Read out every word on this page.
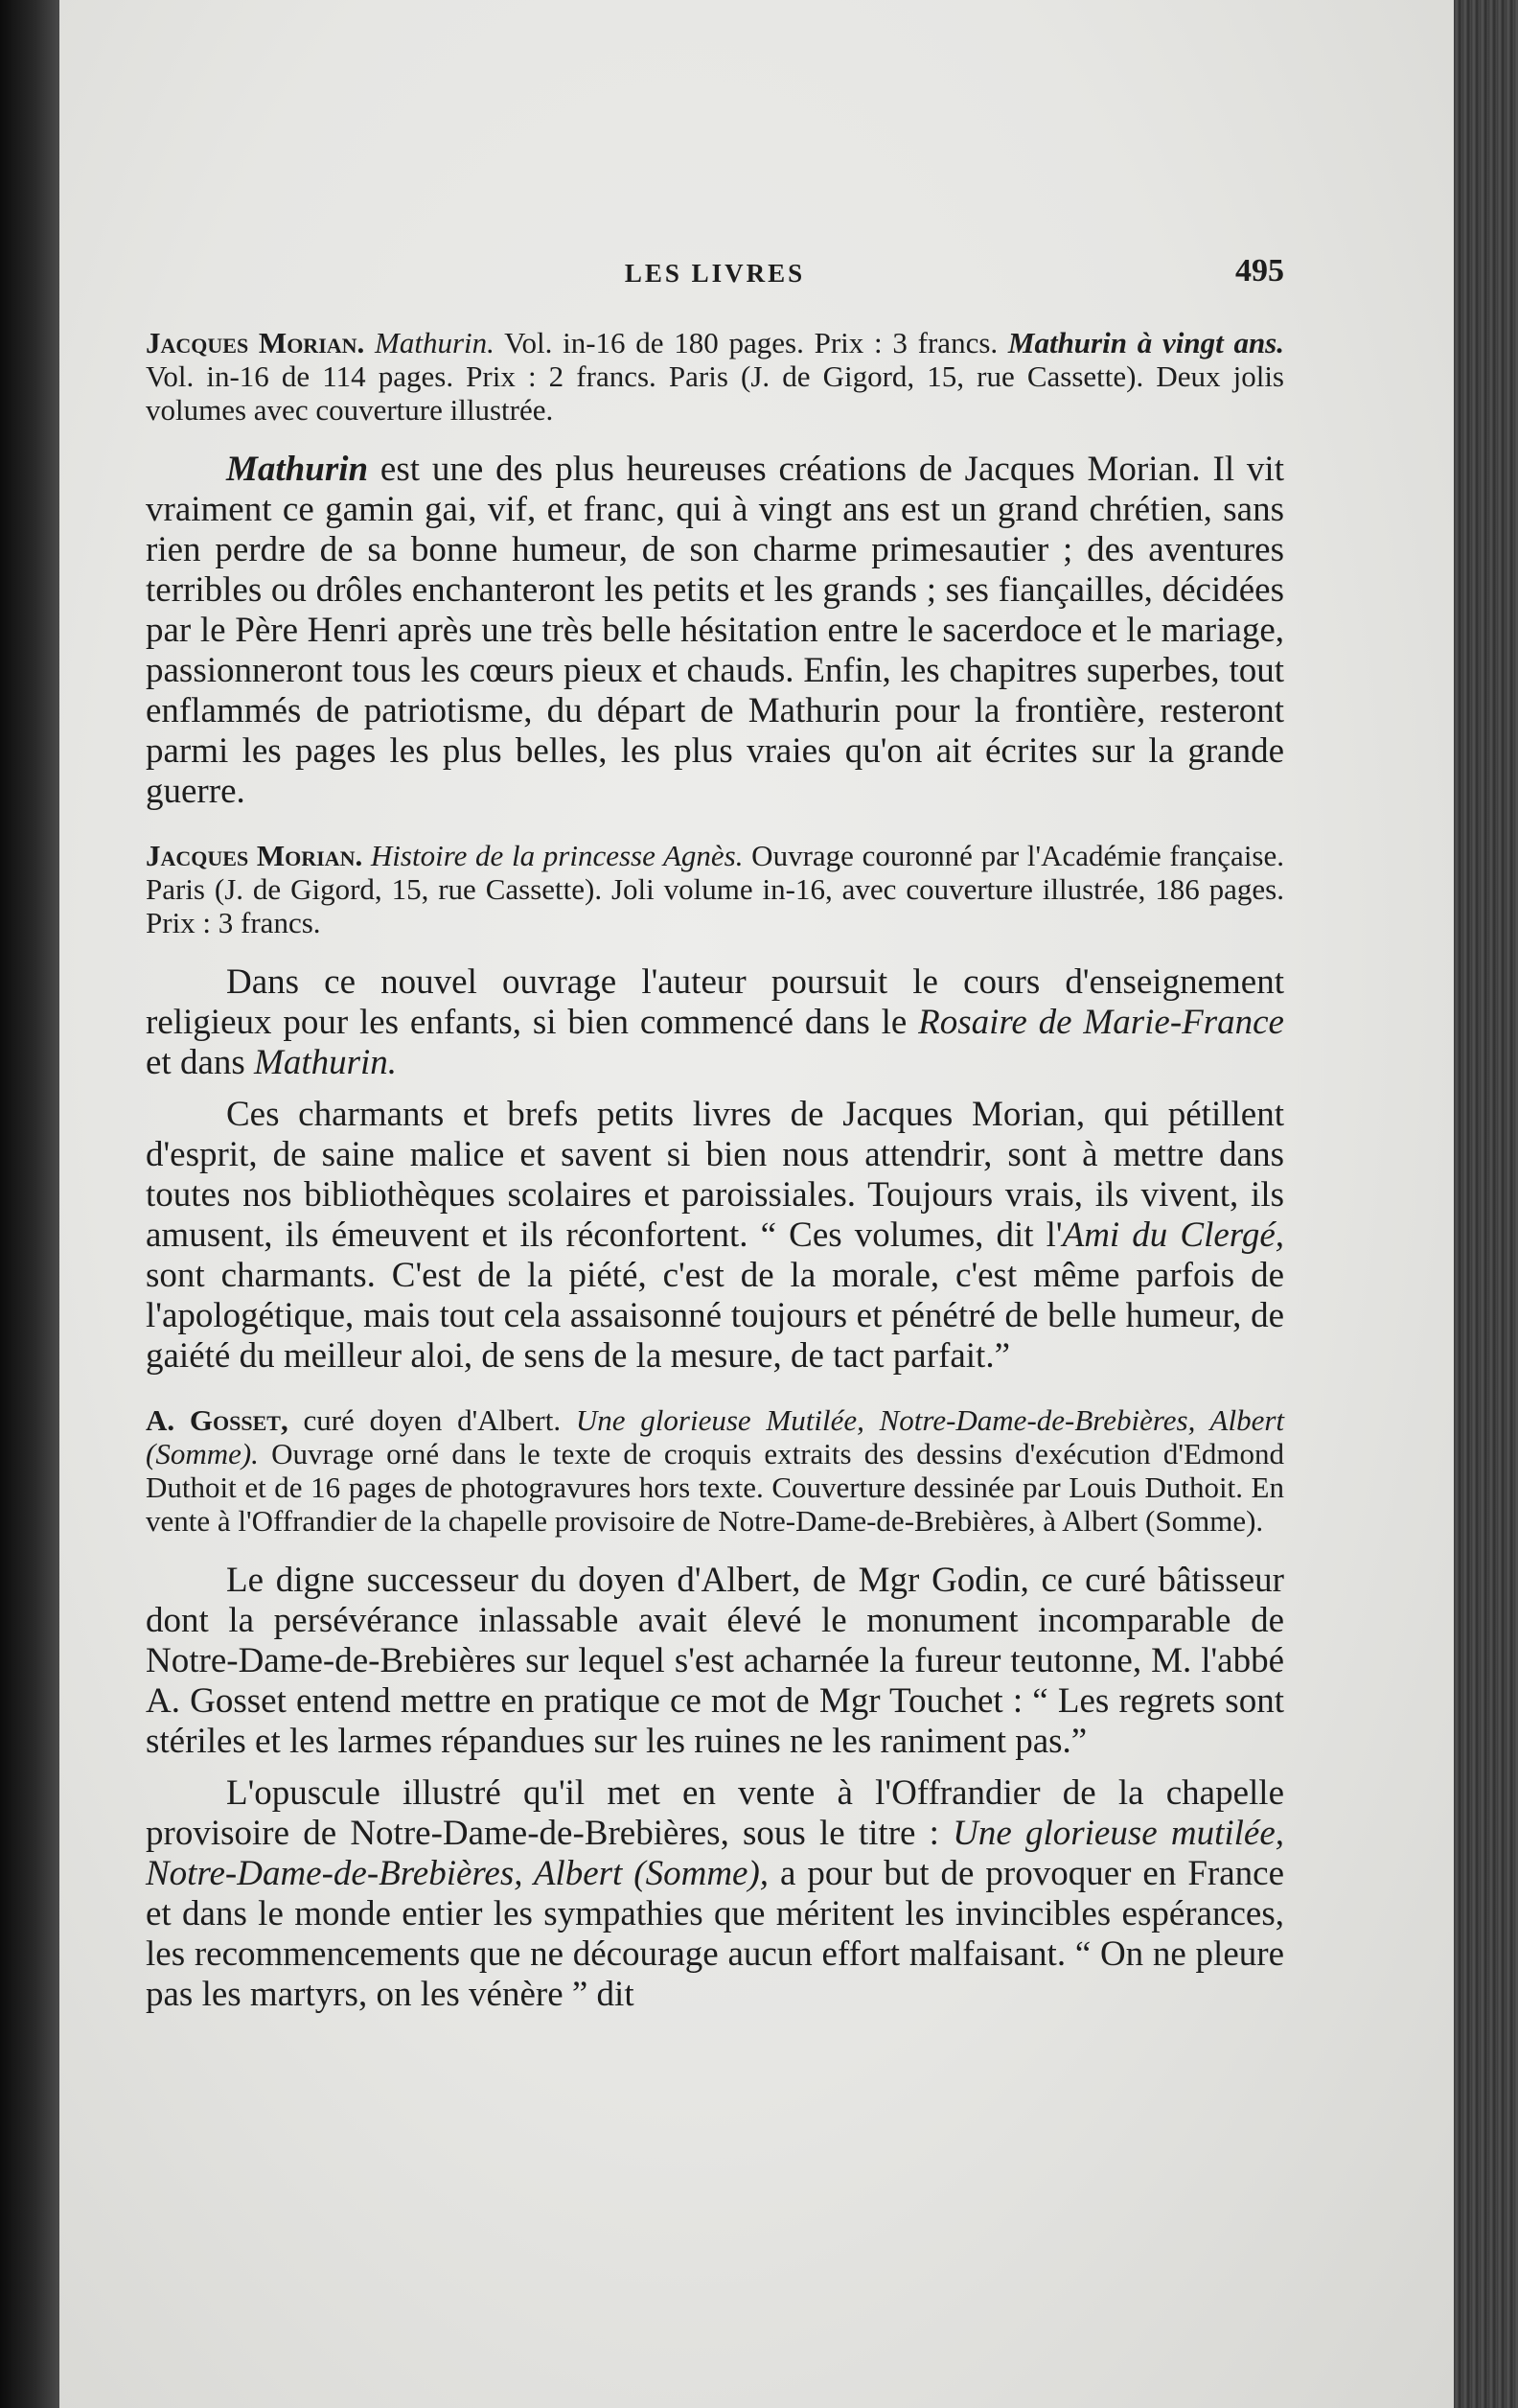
LES LIVRES	495

Jacques Morian. Mathurin. Vol. in-16 de 180 pages. Prix : 3 francs. Mathurin à vingt ans. Vol. in-16 de 114 pages. Prix : 2 francs. Paris (J. de Gigord, 15, rue Cassette). Deux jolis volumes avec couverture illustrée.

Mathurin est une des plus heureuses créations de Jacques Morian. Il vit vraiment ce gamin gai, vif, et franc, qui à vingt ans est un grand chrétien, sans rien perdre de sa bonne humeur, de son charme primesautier ; des aventures terribles ou drôles enchanteront les petits et les grands ; ses fiançailles, décidées par le Père Henri après une très belle hésitation entre le sacerdoce et le mariage, passionneront tous les cœurs pieux et chauds. Enfin, les chapitres superbes, tout enflammés de patriotisme, du départ de Mathurin pour la frontière, resteront parmi les pages les plus belles, les plus vraies qu'on ait écrites sur la grande guerre.

Jacques Morian. Histoire de la princesse Agnès. Ouvrage couronné par l'Académie française. Paris (J. de Gigord, 15, rue Cassette). Joli volume in-16, avec couverture illustrée, 186 pages. Prix : 3 francs.

Dans ce nouvel ouvrage l'auteur poursuit le cours d'enseignement religieux pour les enfants, si bien commencé dans le Rosaire de Marie-France et dans Mathurin.

Ces charmants et brefs petits livres de Jacques Morian, qui pétillent d'esprit, de saine malice et savent si bien nous attendrir, sont à mettre dans toutes nos bibliothèques scolaires et paroissiales. Toujours vrais, ils vivent, ils amusent, ils émeuvent et ils réconfortent. “ Ces volumes, dit l'Ami du Clergé, sont charmants. C'est de la piété, c'est de la morale, c'est même parfois de l'apologétique, mais tout cela assaisonné toujours et pénétré de belle humeur, de gaiété du meilleur aloi, de sens de la mesure, de tact parfait.”

A. Gosset, curé doyen d'Albert. Une glorieuse Mutilée, Notre-Dame-de-Brebières, Albert (Somme). Ouvrage orné dans le texte de croquis extraits des dessins d'exécution d'Edmond Duthoit et de 16 pages de photogravures hors texte. Couverture dessinée par Louis Duthoit. En vente à l'Offrandier de la chapelle provisoire de Notre-Dame-de-Brebières, à Albert (Somme).

Le digne successeur du doyen d'Albert, de Mgr Godin, ce curé bâtisseur dont la persévérance inlassable avait élevé le monument incomparable de Notre-Dame-de-Brebières sur lequel s'est acharnée la fureur teutonne, M. l'abbé A. Gosset entend mettre en pratique ce mot de Mgr Touchet : “ Les regrets sont stériles et les larmes répandues sur les ruines ne les raniment pas.”

L'opuscule illustré qu'il met en vente à l'Offrandier de la chapelle provisoire de Notre-Dame-de-Brebières, sous le titre : Une glorieuse mutilée, Notre-Dame-de-Brebières, Albert (Somme), a pour but de provoquer en France et dans le monde entier les sympathies que méritent les invincibles espérances, les recommencements que ne décourage aucun effort malfaisant. “ On ne pleure pas les martyrs, on les vénère ” dit
